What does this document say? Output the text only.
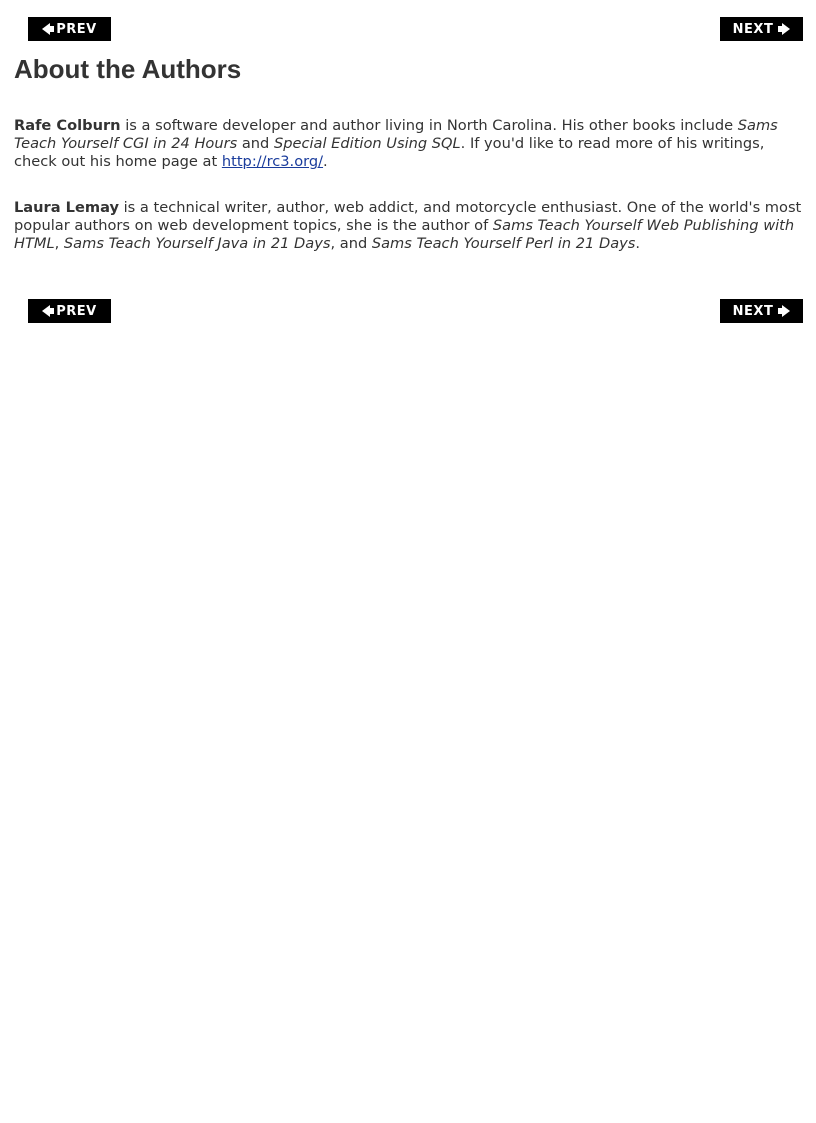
PREV	NEXT
About the Authors

Rafe Colburn is a software developer and author living in North Carolina. His other books include Sams Teach Yourself CGI in 24 Hours and Special Edition Using SQL. If you'd like to read more of his writings, check out his home page at http://rc3.org/.

Laura Lemay is a technical writer, author, web addict, and motorcycle enthusiast. One of the world's most popular authors on web development topics, she is the author of Sams Teach Yourself Web Publishing with HTML, Sams Teach Yourself Java in 21 Days, and Sams Teach Yourself Perl in 21 Days.

PREV	NEXT
